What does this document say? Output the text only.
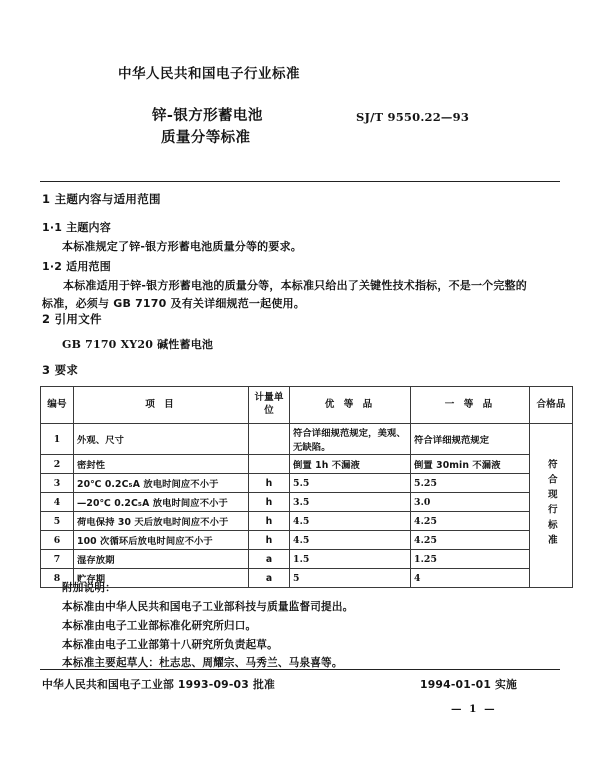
中华人民共和国电子行业标准
锌-银方形蓄电池
质量分等标准
SJ/T 9550.22—93
1 主题内容与适用范围
1·1 主题内容
本标准规定了锌-银方形蓄电池质量分等的要求。
1·2 适用范围
本标准适用于锌-银方形蓄电池的质量分等，本标准只给出了关键性技术指标，不是一个完整的标准，必须与 GB 7170 及有关详细规范一起使用。
2 引用文件
GB 7170 XY20 碱性蓄电池
3 要求
编号	项 目	计量单位	优 等 品	一 等 品	合格品
1	外观、尺寸		符合详细规范规定，美观、无缺陷。	符合详细规范规定	符合现行标准
2	密封性		倒置 1h 不漏液	倒置 30min 不漏液	
3	20℃ 0.2C₅A 放电时间应不小于	h	5.5	5.25	
4	—20℃ 0.2C₅A 放电时间应不小于	h	3.5	3.0	
5	荷电保持 30 天后放电时间应不小于	h	4.5	4.25	
6	100 次循环后放电时间应不小于	h	4.5	4.25	
7	湿存放期	a	1.5	1.25	
8	贮存期	a	5	4	
附加说明：
本标准由中华人民共和国电子工业部科技与质量监督司提出。
本标准由电子工业部标准化研究所归口。
本标准由电子工业部第十八研究所负责起草。
本标准主要起草人：杜志忠、周耀宗、马秀兰、马泉喜等。
中华人民共和国电子工业部 1993-09-03 批准	1994-01-01 实施
— 1 —
